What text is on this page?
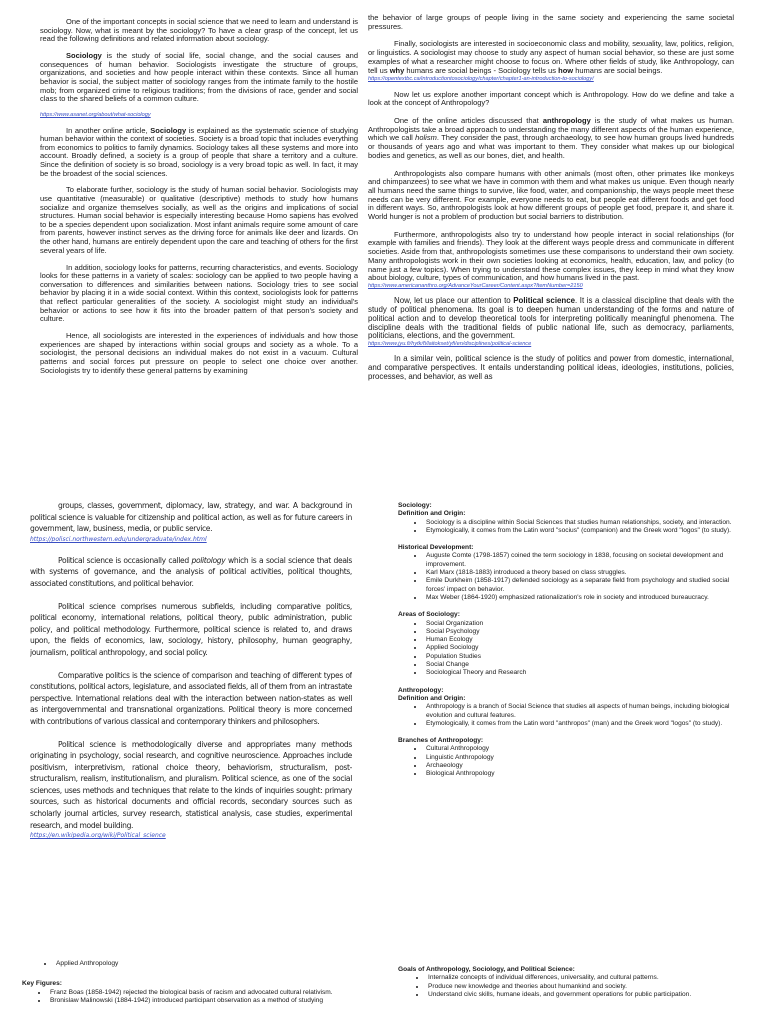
One of the important concepts in social science that we need to learn and understand is sociology. Now, what is meant by the sociology? To have a clear grasp of the concept, let us read the following definitions and related information about sociology.

Sociology is the study of social life, social change, and the social causes and consequences of human behavior. Sociologists investigate the structure of groups, organizations, and societies and how people interact within these contexts. Since all human behavior is social, the subject matter of sociology ranges from the intimate family to the hostile mob; from organized crime to religious traditions; from the divisions of race, gender and social class to the shared beliefs of a common culture.

https://www.asanet.org/about/what-sociology

In another online article, Sociology is explained as the systematic science of studying human behavior within the context of societies. Society is a broad topic that includes everything from economics to politics to family dynamics. Sociology takes all these systems and more into account. Broadly defined, a society is a group of people that share a territory and a culture. Since the definition of society is so broad, sociology is a very broad topic as well. In fact, it may be the broadest of the social sciences.

To elaborate further, sociology is the study of human social behavior. Sociologists may use quantitative (measurable) or qualitative (descriptive) methods to study how humans socialize and organize themselves socially, as well as the origins and implications of social structures. Human social behavior is especially interesting because Homo sapiens has evolved to be a species dependent upon socialization. Most infant animals require some amount of care from parents, however instinct serves as the driving force for animals like deer and lizards. On the other hand, humans are entirely dependent upon the care and teaching of others for the first several years of life.

In addition, sociology looks for patterns, recurring characteristics, and events. Sociology looks for these patterns in a variety of scales: sociology can be applied to two people having a conversation to differences and similarities between nations. Sociology tries to see social behavior by placing it in a wide social context. Within this context, sociologists look for patterns that reflect particular generalities of the society. A sociologist might study an individual's behavior or actions to see how it fits into the broader pattern of that person's society and culture.

Hence, all sociologists are interested in the experiences of individuals and how those experiences are shaped by interactions within social groups and society as a whole. To a sociologist, the personal decisions an individual makes do not exist in a vacuum. Cultural patterns and social forces put pressure on people to select one choice over another. Sociologists try to identify these general patterns by examining

the behavior of large groups of people living in the same society and experiencing the same societal pressures.

Finally, sociologists are interested in socioeconomic class and mobility, sexuality, law, politics, religion, or linguistics. A sociologist may choose to study any aspect of human social behavior, so these are just some examples of what a researcher might choose to focus on. Where other fields of study, like Anthropology, can tell us why humans are social beings - Sociology tells us how humans are social beings.

https://opentextbc.ca/introductiontosociology/chapter/chapter1-an-introduction-to-sociology/

Now let us explore another important concept which is Anthropology. How do we define and take a look at the concept of Anthropology?

One of the online articles discussed that anthropology is the study of what makes us human. Anthropologists take a broad approach to understanding the many different aspects of the human experience, which we call holism. They consider the past, through archaeology, to see how human groups lived hundreds or thousands of years ago and what was important to them. They consider what makes up our biological bodies and genetics, as well as our bones, diet, and health.

Anthropologists also compare humans with other animals (most often, other primates like monkeys and chimpanzees) to see what we have in common with them and what makes us unique. Even though nearly all humans need the same things to survive, like food, water, and companionship, the ways people meet these needs can be very different. For example, everyone needs to eat, but people eat different foods and get food in different ways. So, anthropologists look at how different groups of people get food, prepare it, and share it. World hunger is not a problem of production but social barriers to distribution.

Furthermore, anthropologists also try to understand how people interact in social relationships (for example with families and friends). They look at the different ways people dress and communicate in different societies. Aside from that, anthropologists sometimes use these comparisons to understand their own society. Many anthropologists work in their own societies looking at economics, health, education, law, and policy (to name just a few topics). When trying to understand these complex issues, they keep in mind what they know about biology, culture, types of communication, and how humans lived in the past.

https://www.americananthro.org/AdvanceYourCareer/Content.aspx?ItemNumber=2150

Now, let us place our attention to Political science. It is a classical discipline that deals with the study of political phenomena. Its goal is to deepen human understanding of the forms and nature of political action and to develop theoretical tools for interpreting politically meaningful phenomena. The discipline deals with the traditional fields of public national life, such as democracy, parliaments, politicians, elections, and the government.

https://www.jyu.fi/hytk/fi/laitokset/yfi/en/disciplines/political-science

In a similar vein, political science is the study of politics and power from domestic, international, and comparative perspectives. It entails understanding political ideas, ideologies, institutions, policies, processes, and behavior, as well as

groups, classes, government, diplomacy, law, strategy, and war. A background in political science is valuable for citizenship and political action, as well as for future careers in government, law, business, media, or public service.

https://polisci.northwestern.edu/undergraduate/index.html

Political science is occasionally called politology which is a social science that deals with systems of governance, and the analysis of political activities, political thoughts, associated constitutions, and political behavior.

Political science comprises numerous subfields, including comparative politics, political economy, international relations, political theory, public administration, public policy, and political methodology. Furthermore, political science is related to, and draws upon, the fields of economics, law, sociology, history, philosophy, human geography, journalism, political anthropology, and social policy.

Comparative politics is the science of comparison and teaching of different types of constitutions, political actors, legislature, and associated fields, all of them from an intrastate perspective. International relations deal with the interaction between nation-states as well as intergovernmental and transnational organizations. Political theory is more concerned with contributions of various classical and contemporary thinkers and philosophers.

Political science is methodologically diverse and appropriates many methods originating in psychology, social research, and cognitive neuroscience. Approaches include positivism, interpretivism, rational choice theory, behaviorism, structuralism, post-structuralism, realism, institutionalism, and pluralism. Political science, as one of the social sciences, uses methods and techniques that relate to the kinds of inquiries sought: primary sources, such as historical documents and official records, secondary sources such as scholarly journal articles, survey research, statistical analysis, case studies, experimental research, and model building.

https://en.wikipedia.org/wiki/Political_science
Sociology:
Definition and Origin:
• Sociology is a discipline within Social Sciences that studies human relationships, society, and interaction.
• Etymologically, it comes from the Latin word "socius" (companion) and the Greek word "logos" (to study).
Historical Development:
• Auguste Comte (1798-1857) coined the term sociology in 1838, focusing on societal development and improvement.
• Karl Marx (1818-1883) introduced a theory based on class struggles.
• Emile Durkheim (1858-1917) defended sociology as a separate field from psychology and studied social forces' impact on behavior.
• Max Weber (1864-1920) emphasized rationalization's role in society and introduced bureaucracy.
Areas of Sociology:
• Social Organization
• Social Psychology
• Human Ecology
• Applied Sociology
• Population Studies
• Social Change
• Sociological Theory and Research
Anthropology:
Definition and Origin:
• Anthropology is a branch of Social Science that studies all aspects of human beings, including biological evolution and cultural features.
• Etymologically, it comes from the Latin word "anthropos" (man) and the Greek word "logos" (to study).
Branches of Anthropology:
• Cultural Anthropology
• Linguistic Anthropology
• Archaeology
• Biological Anthropology
• Applied Anthropology
Key Figures:
• Franz Boas (1858-1942) rejected the biological basis of racism and advocated cultural relativism.
• Bronislaw Malinowski (1884-1942) introduced participant observation as a method of studying
Goals of Anthropology, Sociology, and Political Science:
• Internalize concepts of individual differences, universality, and cultural patterns.
• Produce new knowledge and theories about humankind and society.
• Understand civic skills, humane ideals, and government operations for public participation.
